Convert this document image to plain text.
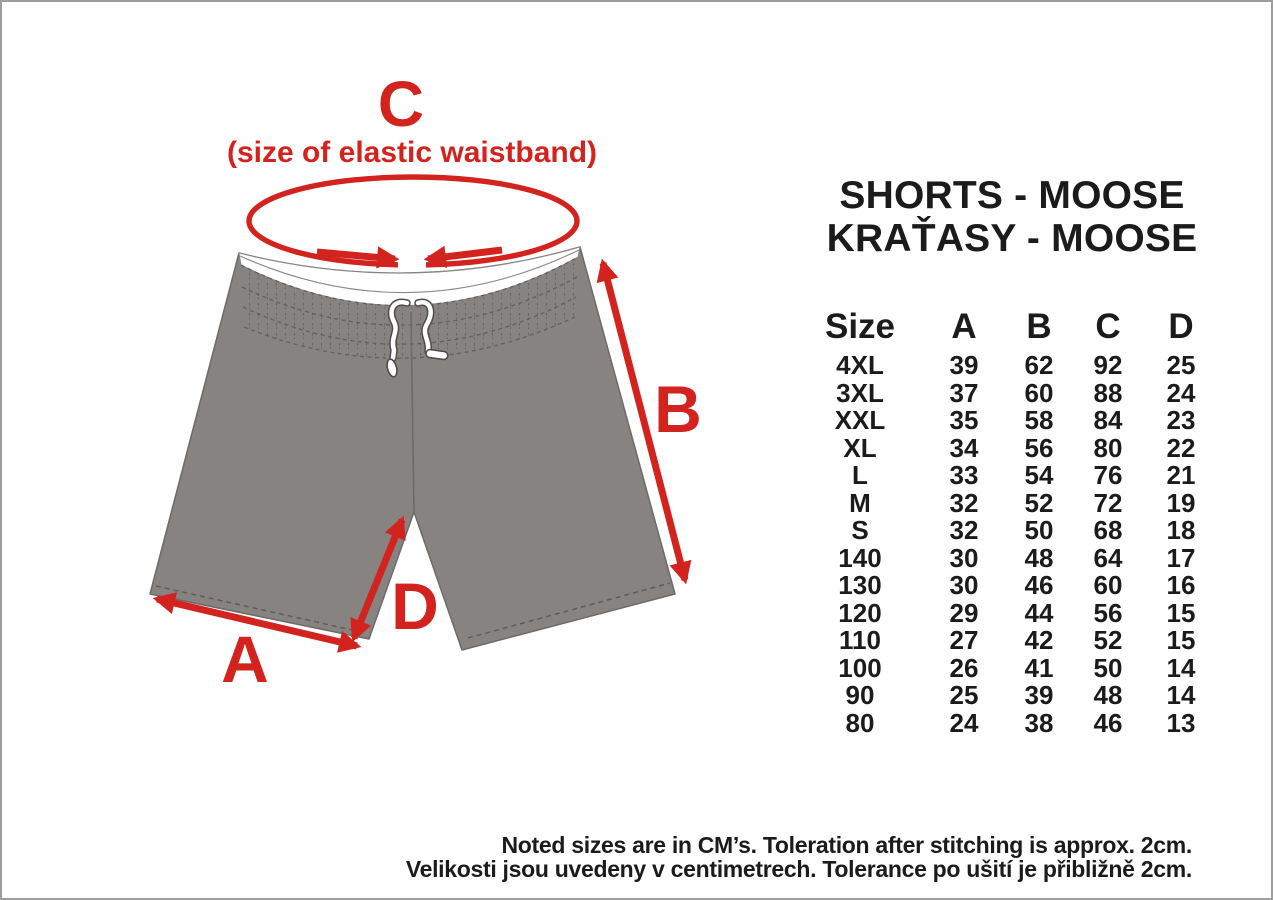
C
(size of elastic waistband)
B
A
D
SHORTS - MOOSE
KRAŤASY - MOOSE
Size A B C D
4XL	39 62 92 25
3XL	37 60 88 24
XXL 35 58 84 23
XL	34 56 80 22
L	33 54 76 21
M	32 52 72 19
S	32 50 68 18
140	30 48 64 17
130	30 46 60 16
120	29 44 56 15
110	27 42 52 15
100	26 41 50 14
90	25 39 48 14
80	24 38 46 13
Noted sizes are in CM’s. Toleration after stitching is approx. 2cm.
Velikosti jsou uvedeny v centimetrech. Tolerance po ušití je přibližně 2cm.
